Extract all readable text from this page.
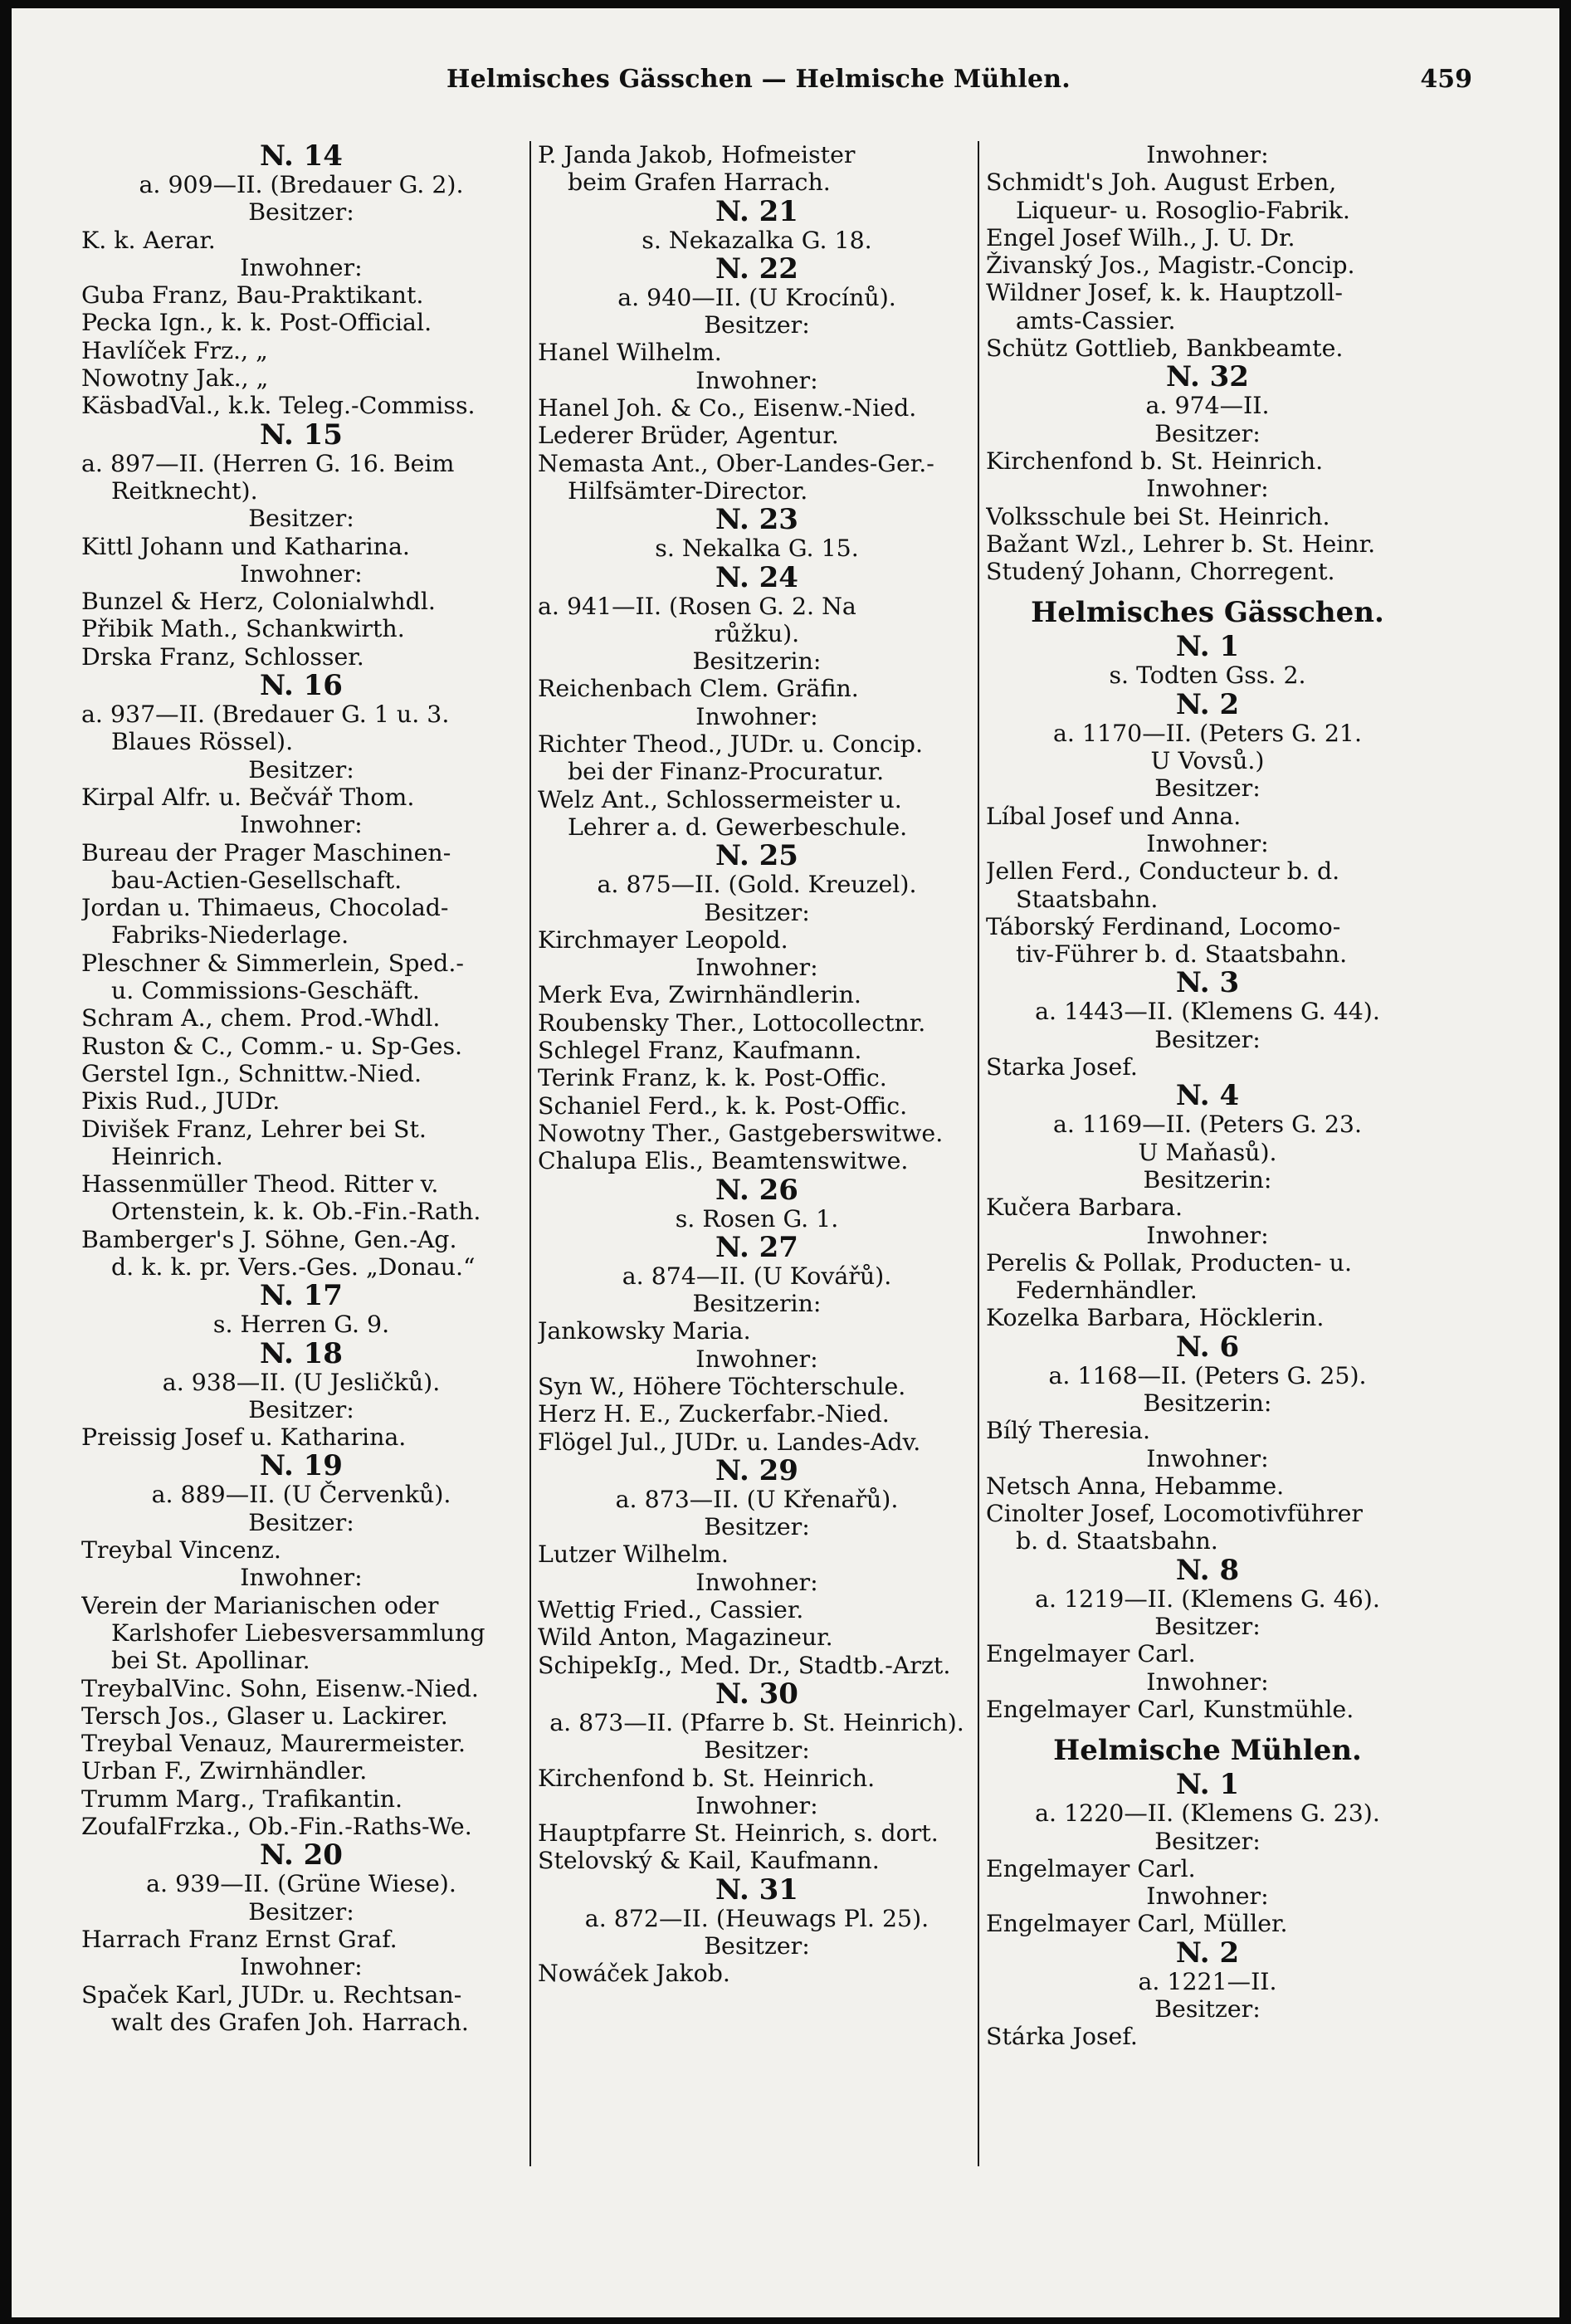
Helmisches Gässchen — Helmische Mühlen.	459
N. 14
a. 909—II. (Bredauer G. 2).
Besitzer:
K. k. Aerar.
Inwohner:
Guba Franz, Bau-Praktikant.
Pecka Ign., k. k. Post-Official.
Havlíček Frz., „
Nowotny Jak., „
KäsbadVal., k.k. Teleg.-Commiss.
N. 15
a. 897—II. (Herren G. 16. Beim
Reitknecht).
Besitzer:
Kittl Johann und Katharina.
Inwohner:
Bunzel & Herz, Colonialwhdl.
Přibik Math., Schankwirth.
Drska Franz, Schlosser.
N. 16
a. 937—II. (Bredauer G. 1 u. 3.
Blaues Rössel).
Besitzer:
Kirpal Alfr. u. Bečvář Thom.
Inwohner:
Bureau der Prager Maschinen-
bau-Actien-Gesellschaft.
Jordan u. Thimaeus, Chocolad-
Fabriks-Niederlage.
Pleschner & Simmerlein, Sped.-
u. Commissions-Geschäft.
Schram A., chem. Prod.-Whdl.
Ruston & C., Comm.- u. Sp-Ges.
Gerstel Ign., Schnittw.-Nied.
Pixis Rud., JUDr.
Divišek Franz, Lehrer bei St.
Heinrich.
Hassenmüller Theod. Ritter v.
Ortenstein, k. k. Ob.-Fin.-Rath.
Bamberger's J. Söhne, Gen.-Ag.
d. k. k. pr. Vers.-Ges. „Donau.“
N. 17
s. Herren G. 9.
N. 18
a. 938—II. (U Jesličků).
Besitzer:
Preissig Josef u. Katharina.
N. 19
a. 889—II. (U Červenků).
Besitzer:
Treybal Vincenz.
Inwohner:
Verein der Marianischen oder
Karlshofer Liebesversammlung
bei St. Apollinar.
TreybalVinc. Sohn, Eisenw.-Nied.
Tersch Jos., Glaser u. Lackirer.
Treybal Venauz, Maurermeister.
Urban F., Zwirnhändler.
Trumm Marg., Trafikantin.
ZoufalFrzka., Ob.-Fin.-Raths-We.
N. 20
a. 939—II. (Grüne Wiese).
Besitzer:
Harrach Franz Ernst Graf.
Inwohner:
Spaček Karl, JUDr. u. Rechtsan-
walt des Grafen Joh. Harrach.
P. Janda Jakob, Hofmeister
beim Grafen Harrach.
N. 21
s. Nekazalka G. 18.
N. 22
a. 940—II. (U Krocínů).
Besitzer:
Hanel Wilhelm.
Inwohner:
Hanel Joh. & Co., Eisenw.-Nied.
Lederer Brüder, Agentur.
Nemasta Ant., Ober-Landes-Ger.-
Hilfsämter-Director.
N. 23
s. Nekalka G. 15.
N. 24
a. 941—II. (Rosen G. 2. Na
růžku).
Besitzerin:
Reichenbach Clem. Gräfin.
Inwohner:
Richter Theod., JUDr. u. Concip.
bei der Finanz-Procuratur.
Welz Ant., Schlossermeister u.
Lehrer a. d. Gewerbeschule.
N. 25
a. 875—II. (Gold. Kreuzel).
Besitzer:
Kirchmayer Leopold.
Inwohner:
Merk Eva, Zwirnhändlerin.
Roubensky Ther., Lottocollectnr.
Schlegel Franz, Kaufmann.
Terink Franz, k. k. Post-Offic.
Schaniel Ferd., k. k. Post-Offic.
Nowotny Ther., Gastgeberswitwe.
Chalupa Elis., Beamtenswitwe.
N. 26
s. Rosen G. 1.
N. 27
a. 874—II. (U Kovářů).
Besitzerin:
Jankowsky Maria.
Inwohner:
Syn W., Höhere Töchterschule.
Herz H. E., Zuckerfabr.-Nied.
Flögel Jul., JUDr. u. Landes-Adv.
N. 29
a. 873—II. (U Křenařů).
Besitzer:
Lutzer Wilhelm.
Inwohner:
Wettig Fried., Cassier.
Wild Anton, Magazineur.
SchipekIg., Med. Dr., Stadtb.-Arzt.
N. 30
a. 873—II. (Pfarre b. St. Heinrich).
Besitzer:
Kirchenfond b. St. Heinrich.
Inwohner:
Hauptpfarre St. Heinrich, s. dort.
Stelovský & Kail, Kaufmann.
N. 31
a. 872—II. (Heuwags Pl. 25).
Besitzer:
Nowáček Jakob.
Inwohner:
Schmidt's Joh. August Erben,
Liqueur- u. Rosoglio-Fabrik.
Engel Josef Wilh., J. U. Dr.
Živanský Jos., Magistr.-Concip.
Wildner Josef, k. k. Hauptzoll-
amts-Cassier.
Schütz Gottlieb, Bankbeamte.
N. 32
a. 974—II.
Besitzer:
Kirchenfond b. St. Heinrich.
Inwohner:
Volksschule bei St. Heinrich.
Bažant Wzl., Lehrer b. St. Heinr.
Studený Johann, Chorregent.
Helmisches Gässchen.
N. 1
s. Todten Gss. 2.
N. 2
a. 1170—II. (Peters G. 21.
U Vovsů.)
Besitzer:
Líbal Josef und Anna.
Inwohner:
Jellen Ferd., Conducteur b. d.
Staatsbahn.
Táborský Ferdinand, Locomo-
tiv-Führer b. d. Staatsbahn.
N. 3
a. 1443—II. (Klemens G. 44).
Besitzer:
Starka Josef.
N. 4
a. 1169—II. (Peters G. 23.
U Maňasů).
Besitzerin:
Kučera Barbara.
Inwohner:
Perelis & Pollak, Producten- u.
Federnhändler.
Kozelka Barbara, Höcklerin.
N. 6
a. 1168—II. (Peters G. 25).
Besitzerin:
Bílý Theresia.
Inwohner:
Netsch Anna, Hebamme.
Cinolter Josef, Locomotivführer
b. d. Staatsbahn.
N. 8
a. 1219—II. (Klemens G. 46).
Besitzer:
Engelmayer Carl.
Inwohner:
Engelmayer Carl, Kunstmühle.
Helmische Mühlen.
N. 1
a. 1220—II. (Klemens G. 23).
Besitzer:
Engelmayer Carl.
Inwohner:
Engelmayer Carl, Müller.
N. 2
a. 1221—II.
Besitzer:
Stárka Josef.
